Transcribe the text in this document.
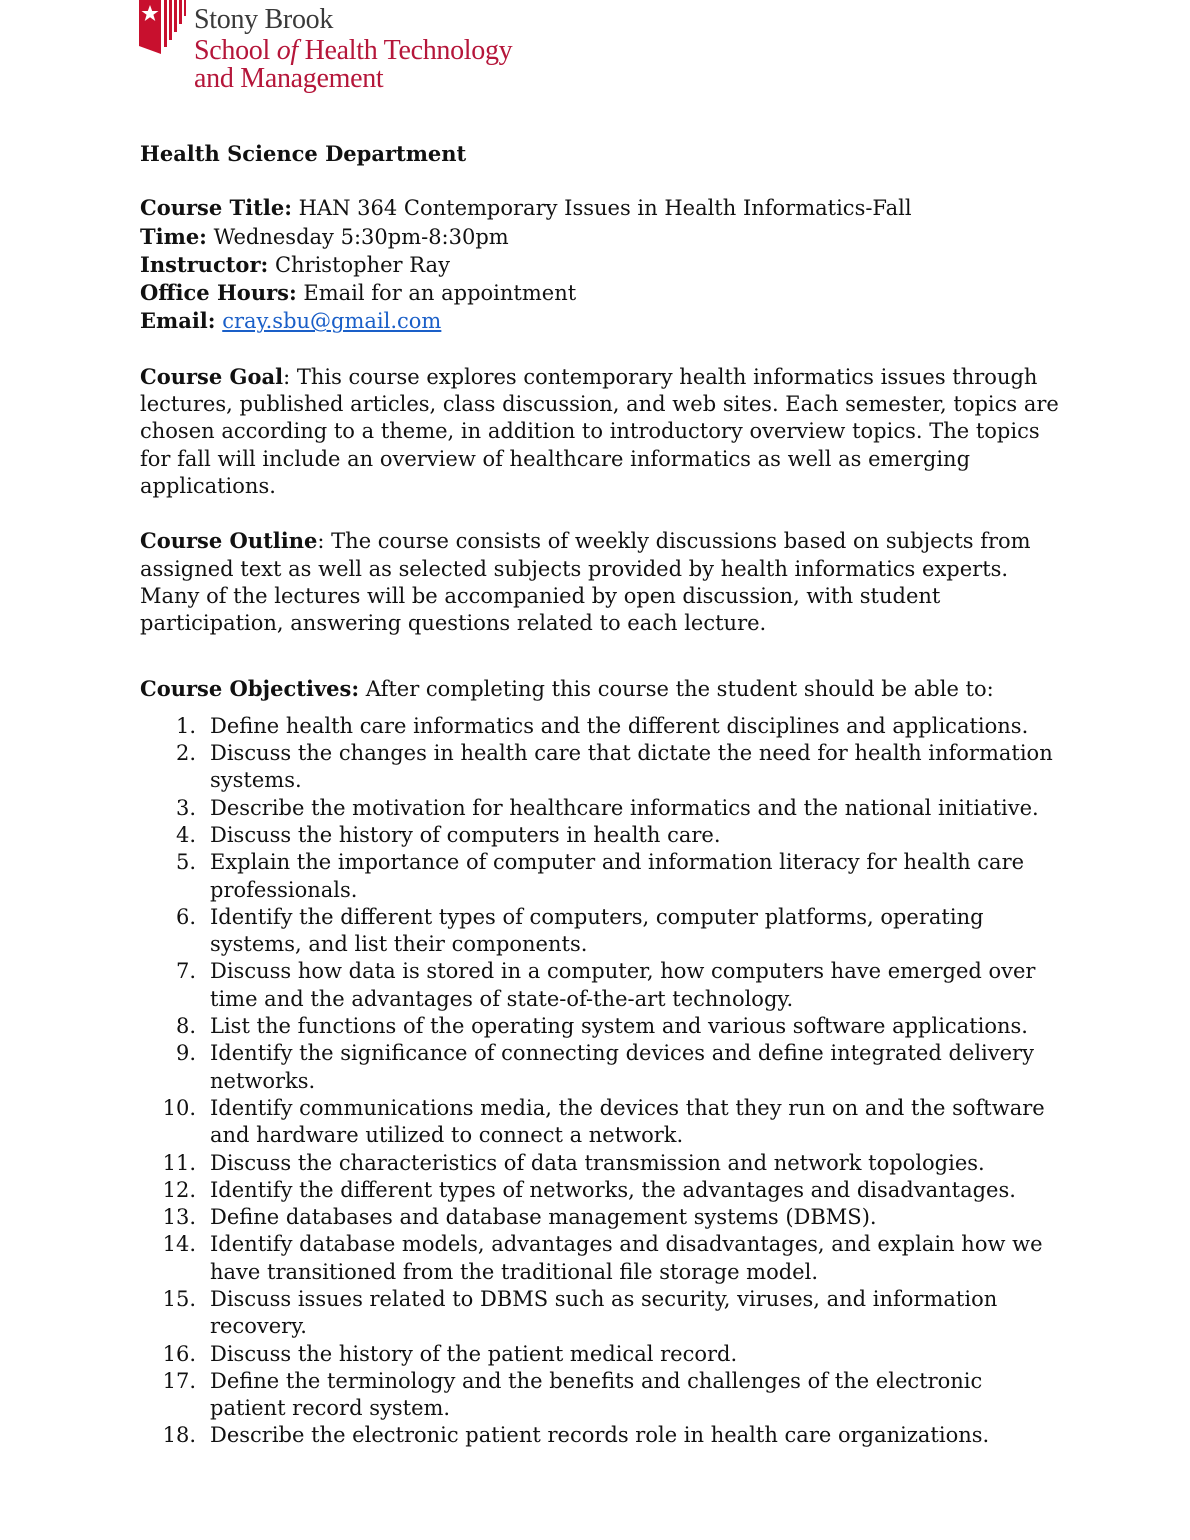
Stony Brook
School of Health Technology
and Management

Health Science Department

Course Title: HAN 364 Contemporary Issues in Health Informatics-Fall

Time: Wednesday 5:30pm-8:30pm

Instructor: Christopher Ray

Office Hours: Email for an appointment

Email: cray.sbu@gmail.com

Course Goal: This course explores contemporary health informatics issues through lectures, published articles, class discussion, and web sites. Each semester, topics are chosen according to a theme, in addition to introductory overview topics. The topics for fall will include an overview of healthcare informatics as well as emerging applications.

Course Outline: The course consists of weekly discussions based on subjects from assigned text as well as selected subjects provided by health informatics experts. Many of the lectures will be accompanied by open discussion, with student participation, answering questions related to each lecture.

Course Objectives: After completing this course the student should be able to:

1. Define health care informatics and the different disciplines and applications.
2. Discuss the changes in health care that dictate the need for health information systems.
3. Describe the motivation for healthcare informatics and the national initiative.
4. Discuss the history of computers in health care.
5. Explain the importance of computer and information literacy for health care professionals.
6. Identify the different types of computers, computer platforms, operating systems, and list their components.
7. Discuss how data is stored in a computer, how computers have emerged over time and the advantages of state-of-the-art technology.
8. List the functions of the operating system and various software applications.
9. Identify the significance of connecting devices and define integrated delivery networks.
10. Identify communications media, the devices that they run on and the software and hardware utilized to connect a network.
11. Discuss the characteristics of data transmission and network topologies.
12. Identify the different types of networks, the advantages and disadvantages.
13. Define databases and database management systems (DBMS).
14. Identify database models, advantages and disadvantages, and explain how we have transitioned from the traditional file storage model.
15. Discuss issues related to DBMS such as security, viruses, and information recovery.
16. Discuss the history of the patient medical record.
17. Define the terminology and the benefits and challenges of the electronic patient record system.
18. Describe the electronic patient records role in health care organizations.
